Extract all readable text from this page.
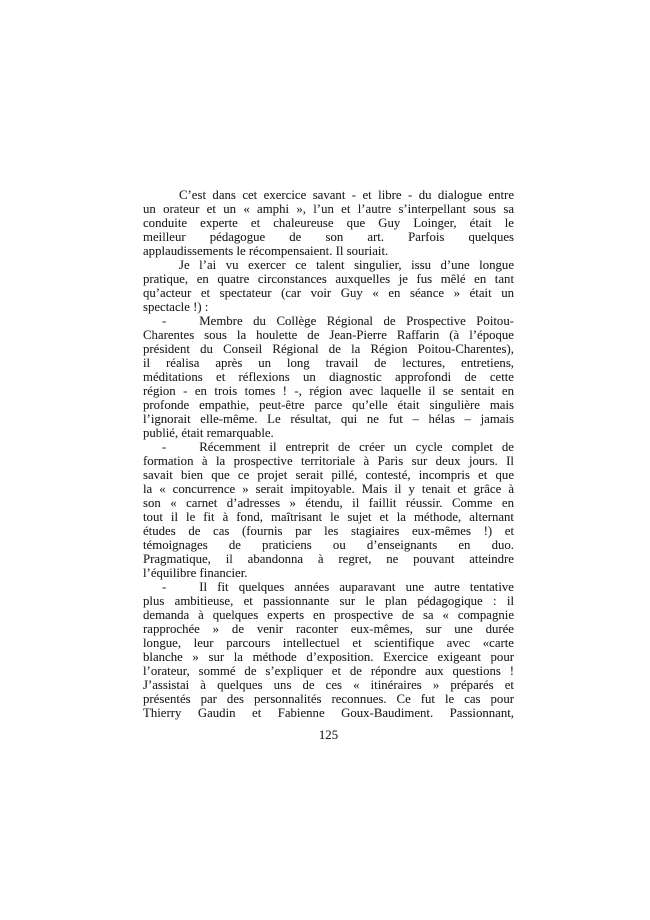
C’est dans cet exercice savant - et libre - du dialogue entre
un orateur et un « amphi », l’un et l’autre s’interpellant sous sa
conduite experte et chaleureuse que Guy Loinger, était le
meilleur pédagogue de son art. Parfois quelques
applaudissements le récompensaient. Il souriait.
Je l’ai vu exercer ce talent singulier, issu d’une longue
pratique, en quatre circonstances auxquelles je fus mêlé en tant
qu’acteur et spectateur (car voir Guy « en séance » était un
spectacle !) :
-	Membre du Collège Régional de Prospective Poitou-
Charentes sous la houlette de Jean-Pierre Raffarin (à l’époque
président du Conseil Régional de la Région Poitou-Charentes),
il réalisa après un long travail de lectures, entretiens,
méditations et réflexions un diagnostic approfondi de cette
région - en trois tomes ! -, région avec laquelle il se sentait en
profonde empathie, peut-être parce qu’elle était singulière mais
l’ignorait elle-même. Le résultat, qui ne fut – hélas – jamais
publié, était remarquable.
-	Récemment il entreprit de créer un cycle complet de
formation à la prospective territoriale à Paris sur deux jours. Il
savait bien que ce projet serait pillé, contesté, incompris et que
la « concurrence » serait impitoyable. Mais il y tenait et grâce à
son « carnet d’adresses » étendu, il faillit réussir. Comme en
tout il le fit à fond, maîtrisant le sujet et la méthode, alternant
études de cas (fournis par les stagiaires eux-mêmes !) et
témoignages de praticiens ou d’enseignants en duo.
Pragmatique, il abandonna à regret, ne pouvant atteindre
l’équilibre financier.
-	Il fit quelques années auparavant une autre tentative
plus ambitieuse, et passionnante sur le plan pédagogique : il
demanda à quelques experts en prospective de sa « compagnie
rapprochée » de venir raconter eux-mêmes, sur une durée
longue, leur parcours intellectuel et scientifique avec «carte
blanche » sur la méthode d’exposition. Exercice exigeant pour
l’orateur, sommé de s’expliquer et de répondre aux questions !
J’assistai à quelques uns de ces « itinéraires » préparés et
présentés par des personnalités reconnues. Ce fut le cas pour
Thierry Gaudin et Fabienne Goux-Baudiment. Passionnant,
125
